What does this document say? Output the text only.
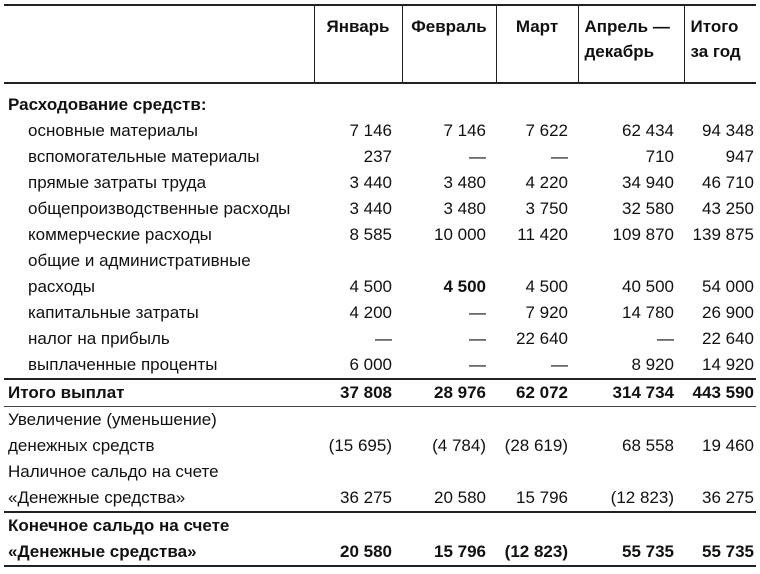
	Январь	Февраль	Март	Апрель —
декабрь	Итого
за год

Расходование средств:					
основные материалы	7 146	7 146	7 622	62 434	94 348
вспомогательные материалы	237	—	—	710	947
прямые затраты труда	3 440	3 480	4 220	34 940	46 710
общепроизводственные расходы	3 440	3 480	3 750	32 580	43 250
коммерческие расходы	8 585	10 000	11 420	109 870	139 875
общие и административные					
расходы	4 500	4 500	4 500	40 500	54 000
капитальные затраты	4 200	—	7 920	14 780	26 900
налог на прибыль	—	—	22 640	—	22 640
выплаченные проценты	6 000	—	—	8 920	14 920
Итого выплат	37 808	28 976	62 072	314 734	443 590
Увеличение (уменьшение)					
денежных средств	(15 695)	(4 784)	(28 619)	68 558	19 460
Наличное сальдо на счете					
«Денежные средства»	36 275	20 580	15 796	(12 823)	36 275
Конечное сальдо на счете					
«Денежные средства»	20 580	15 796	(12 823)	55 735	55 735
